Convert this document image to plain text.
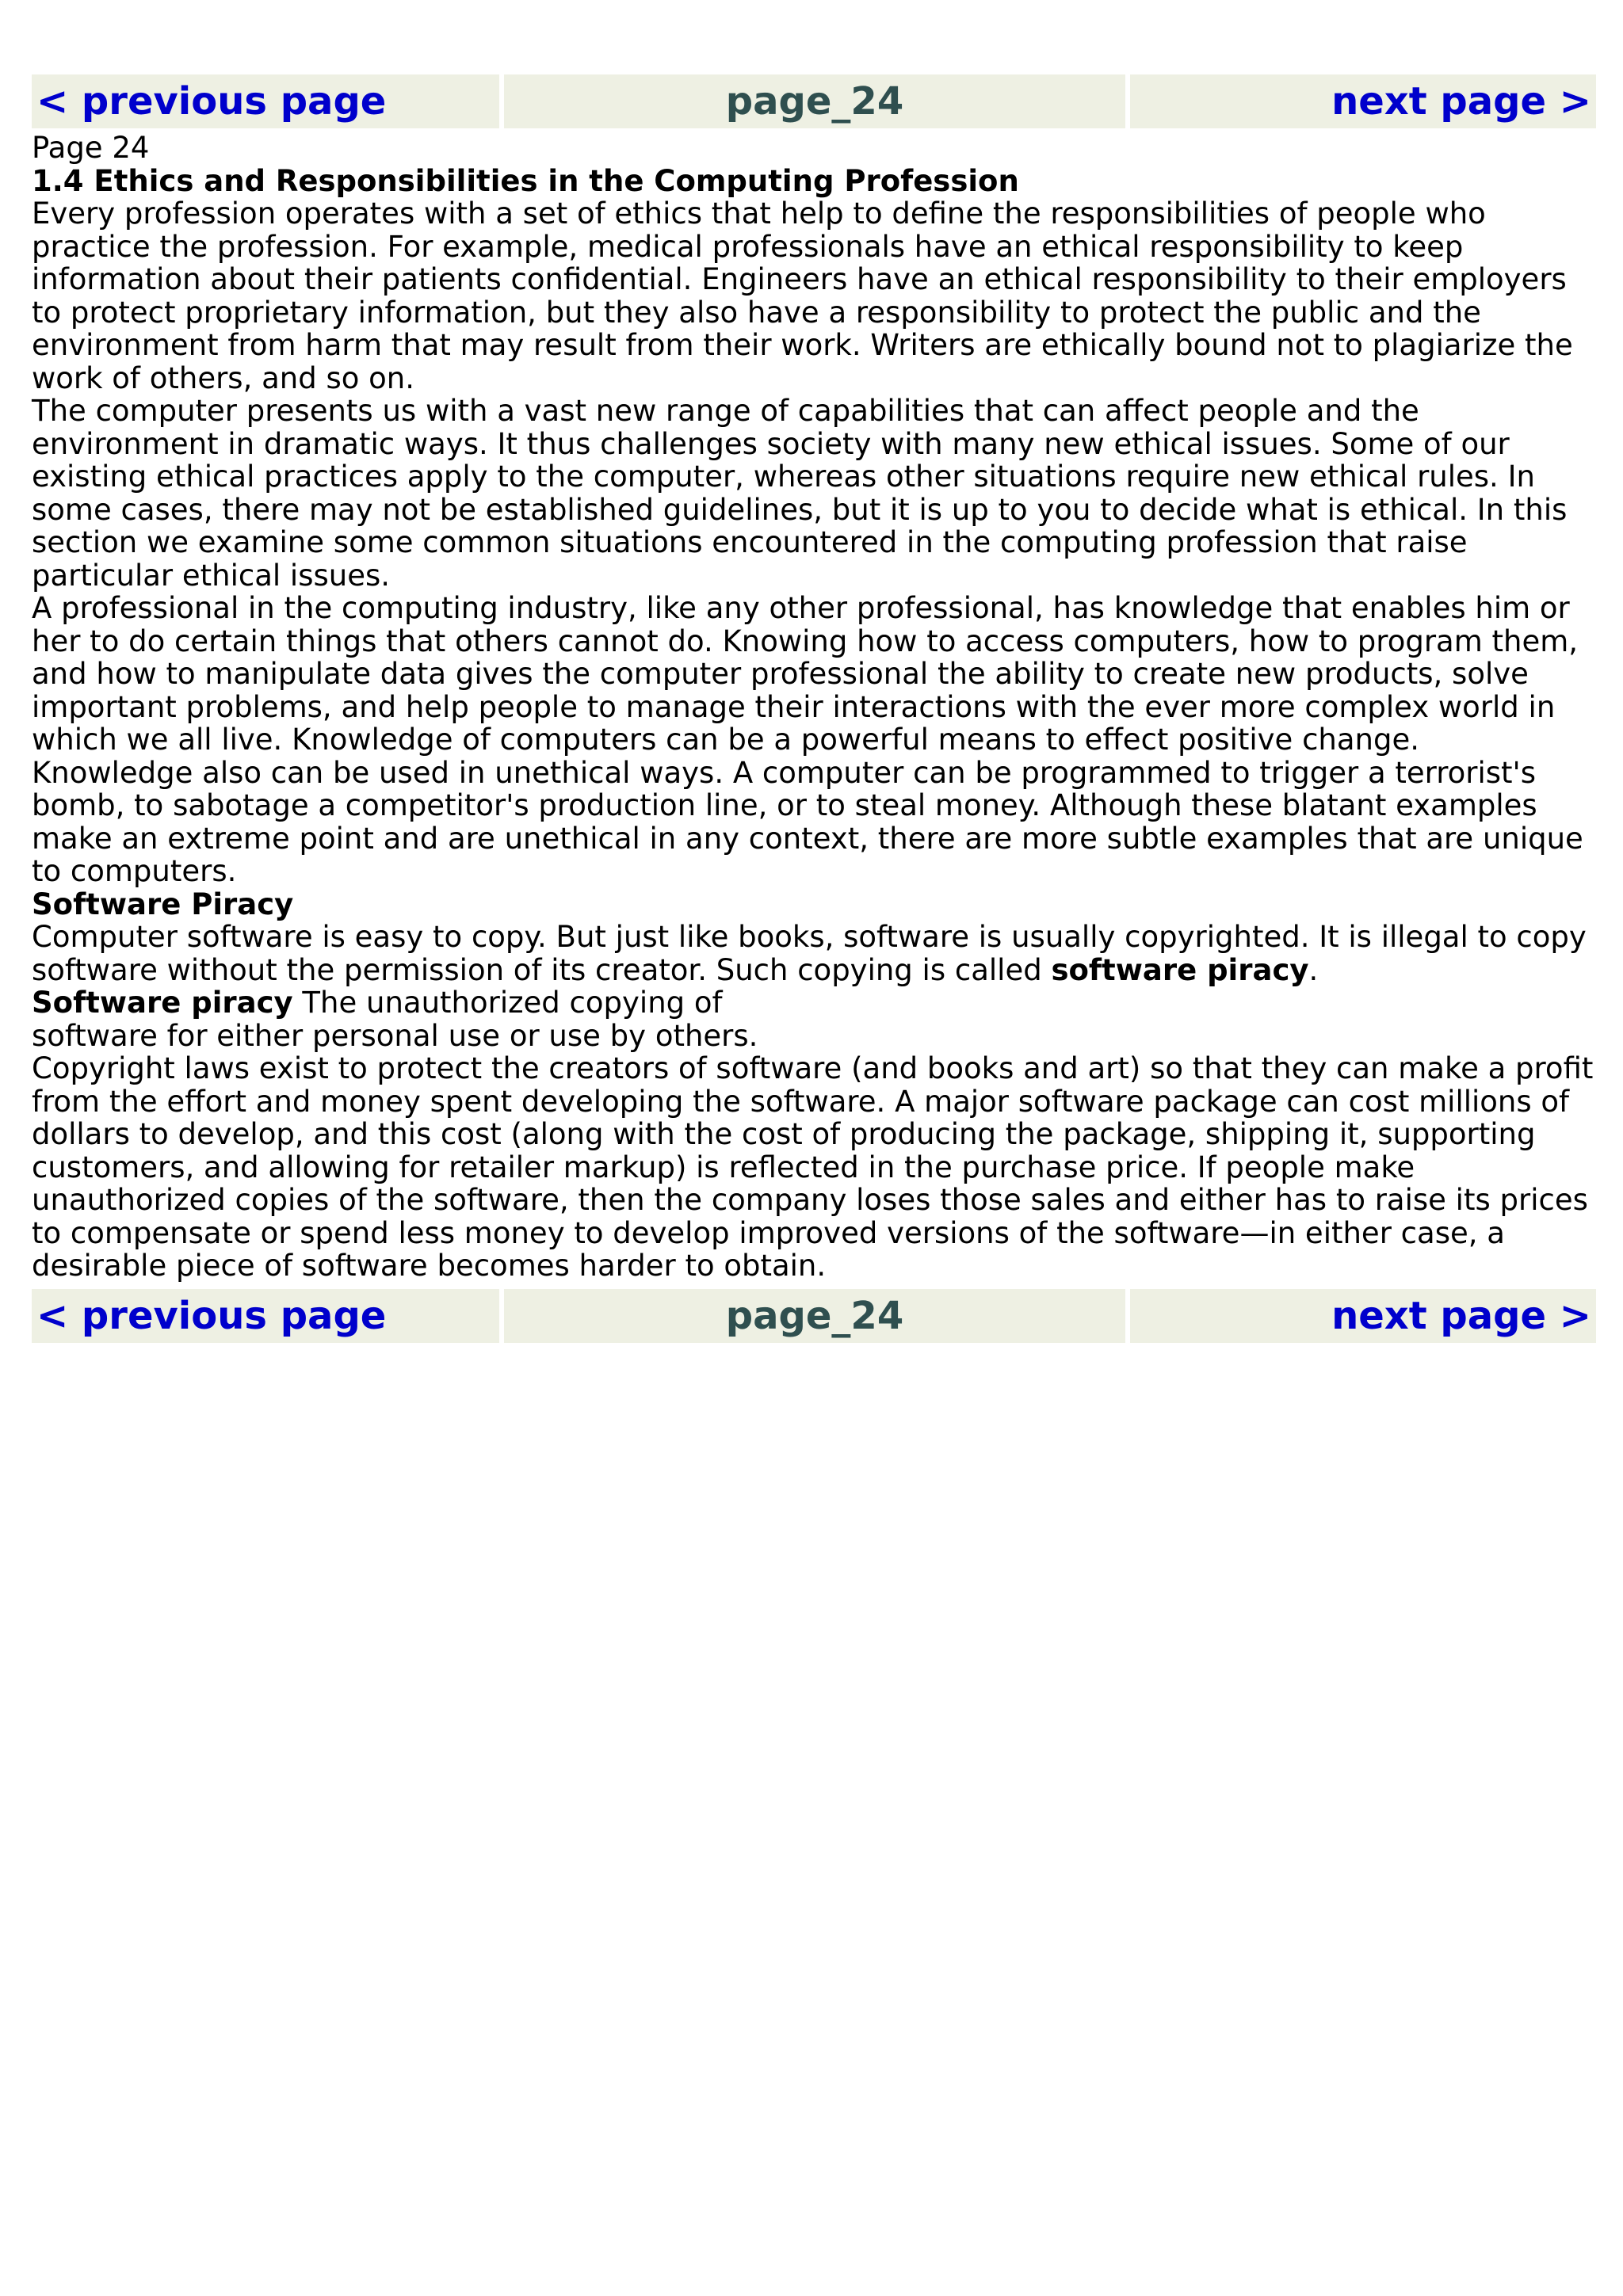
< previous page	page_24	next page >
Page 24
1.4 Ethics and Responsibilities in the Computing Profession

Every profession operates with a set of ethics that help to define the responsibilities of people who practice the profession. For example, medical professionals have an ethical responsibility to keep information about their patients confidential. Engineers have an ethical responsibility to their employers to protect proprietary information, but they also have a responsibility to protect the public and the environment from harm that may result from their work. Writers are ethically bound not to plagiarize the work of others, and so on.

The computer presents us with a vast new range of capabilities that can affect people and the environment in dramatic ways. It thus challenges society with many new ethical issues. Some of our existing ethical practices apply to the computer, whereas other situations require new ethical rules. In some cases, there may not be established guidelines, but it is up to you to decide what is ethical. In this section we examine some common situations encountered in the computing profession that raise particular ethical issues.

A professional in the computing industry, like any other professional, has knowledge that enables him or her to do certain things that others cannot do. Knowing how to access computers, how to program them, and how to manipulate data gives the computer professional the ability to create new products, solve important problems, and help people to manage their interactions with the ever more complex world in which we all live. Knowledge of computers can be a powerful means to effect positive change.

Knowledge also can be used in unethical ways. A computer can be programmed to trigger a terrorist's bomb, to sabotage a competitor's production line, or to steal money. Although these blatant examples make an extreme point and are unethical in any context, there are more subtle examples that are unique to computers.

Software Piracy

Computer software is easy to copy. But just like books, software is usually copyrighted. It is illegal to copy software without the permission of its creator. Such copying is called software piracy.

Software piracy The unauthorized copying of software for either personal use or use by others.

Copyright laws exist to protect the creators of software (and books and art) so that they can make a profit from the effort and money spent developing the software. A major software package can cost millions of dollars to develop, and this cost (along with the cost of producing the package, shipping it, supporting customers, and allowing for retailer markup) is reflected in the purchase price. If people make unauthorized copies of the software, then the company loses those sales and either has to raise its prices to compensate or spend less money to develop improved versions of the software—in either case, a desirable piece of software becomes harder to obtain.

< previous page	page_24	next page >
